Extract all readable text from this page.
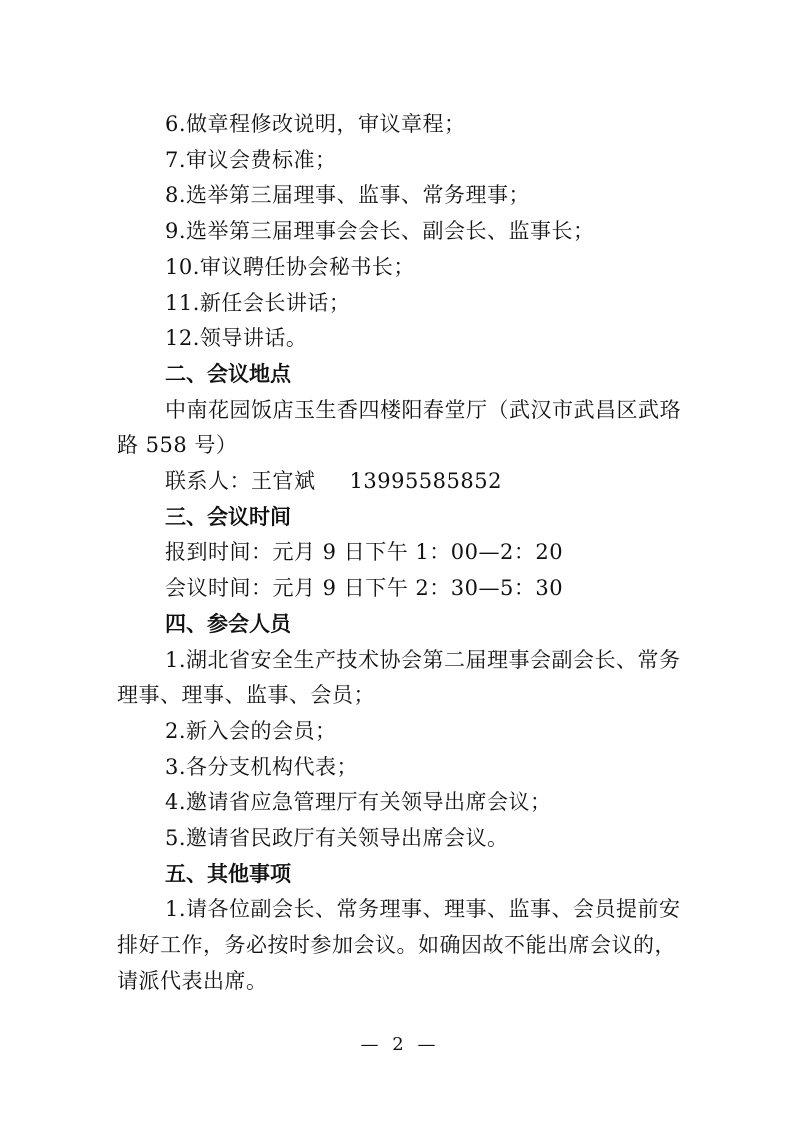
6.做章程修改说明，审议章程；
7.审议会费标准；
8.选举第三届理事、监事、常务理事；
9.选举第三届理事会会长、副会长、监事长；
10.审议聘任协会秘书长；
11.新任会长讲话；
12.领导讲话。
二、会议地点
中南花园饭店玉生香四楼阳春堂厅（武汉市武昌区武珞
路 558 号）
联系人：王官斌 13995585852
三、会议时间
报到时间：元月 9 日下午 1：00—2：20
会议时间：元月 9 日下午 2：30—5：30
四、参会人员
1.湖北省安全生产技术协会第二届理事会副会长、常务
理事、理事、监事、会员；
2.新入会的会员；
3.各分支机构代表；
4.邀请省应急管理厅有关领导出席会议；
5.邀请省民政厅有关领导出席会议。
五、其他事项
1.请各位副会长、常务理事、理事、监事、会员提前安
排好工作，务必按时参加会议。如确因故不能出席会议的，
请派代表出席。
— 2 —
